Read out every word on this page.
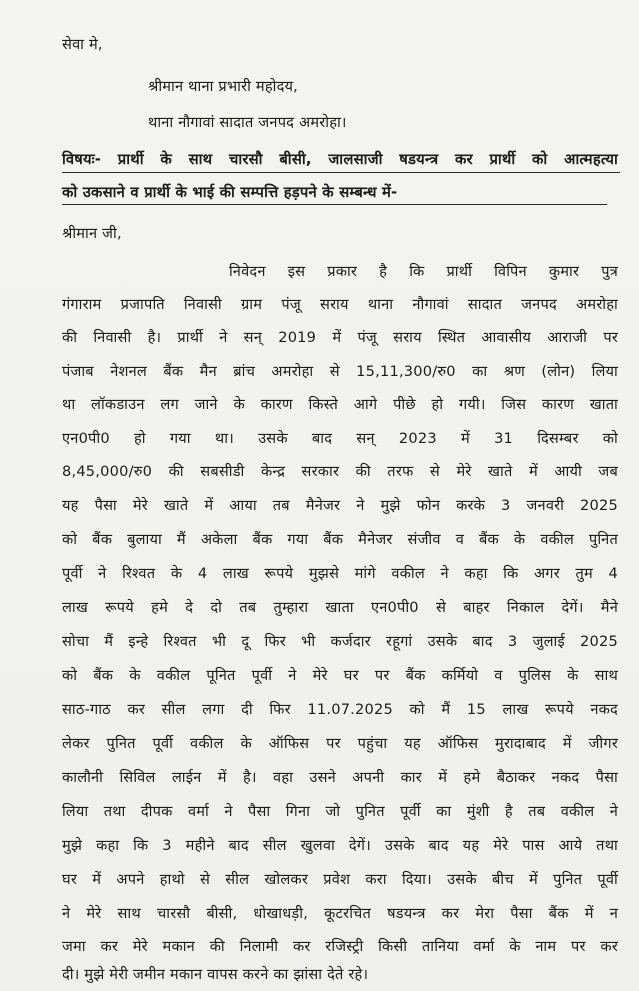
सेवा मे,
श्रीमान थाना प्रभारी महोदय,
थाना नौगावां सादात जनपद अमरोहा।
विषयः- प्रार्थी के साथ चारसौ बीसी, जालसाजी षडयन्त्र कर प्रार्थी को आत्महत्या
को उकसाने व प्रार्थी के भाई की सम्पत्ति हड़पने के सम्बन्ध में-
श्रीमान जी,
निवेदन इस प्रकार है कि प्रार्थी विपिन कुमार पुत्र
गंगाराम प्रजापति निवासी ग्राम पंजू सराय थाना नौगावां सादात जनपद अमरोहा
की निवासी है। प्रार्थी ने सन् 2019 में पंजू सराय स्थित आवासीय आराजी पर
पंजाब नेशनल बैंक मैन ब्रांच अमरोहा से 15,11,300/रु0 का श्रण (लोन) लिया
था लॉकडाउन लग जाने के कारण किस्ते आगे पीछे हो गयी। जिस कारण खाता
एन0पी0 हो गया था। उसके बाद सन् 2023 में 31 दिसम्बर को
8,45,000/रु0 की सबसीडी केन्द्र सरकार की तरफ से मेरे खाते में आयी जब
यह पैसा मेरे खाते में आया तब मैनेजर ने मुझे फोन करके 3 जनवरी 2025
को बैंक बुलाया मैं अकेला बैंक गया बैंक मैनेजर संजीव व बैंक के वकील पुनित
पूर्वी ने रिश्वत के 4 लाख रूपये मुझसे मांगे वकील ने कहा कि अगर तुम 4
लाख रूपये हमे दे दो तब तुम्हारा खाता एन0पी0 से बाहर निकाल देगें। मैने
सोचा मैं इन्हे रिश्वत भी दू फिर भी कर्जदार रहूगां उसके बाद 3 जुलाई 2025
को बैंक के वकील पूनित पूर्वी ने मेरे घर पर बैंक कर्मियो व पुलिस के साथ
साठ-गाठ कर सील लगा दी फिर 11.07.2025 को मैं 15 लाख रूपये नकद
लेकर पुनित पूर्वी वकील के ऑफिस पर पहुंचा यह ऑफिस मुरादाबाद में जीगर
कालौनी सिविल लाईन में है। वहा उसने अपनी कार में हमे बैठाकर नकद पैसा
लिया तथा दीपक वर्मा ने पैसा गिना जो पुनित पूर्वी का मुंशी है तब वकील ने
मुझे कहा कि 3 महीने बाद सील खुलवा देगें। उसके बाद यह मेरे पास आये तथा
घर में अपने हाथो से सील खोलकर प्रवेश करा दिया। उसके बीच में पुनित पूर्वी
ने मेरे साथ चारसौ बीसी, धोखाधड़ी, कूटरचित षडयन्त्र कर मेरा पैसा बैंक में न
जमा कर मेरे मकान की निलामी कर रजिस्ट्री किसी तानिया वर्मा के नाम पर कर
दी। मुझे मेरी जमीन मकान वापस करने का झांसा देते रहे।
